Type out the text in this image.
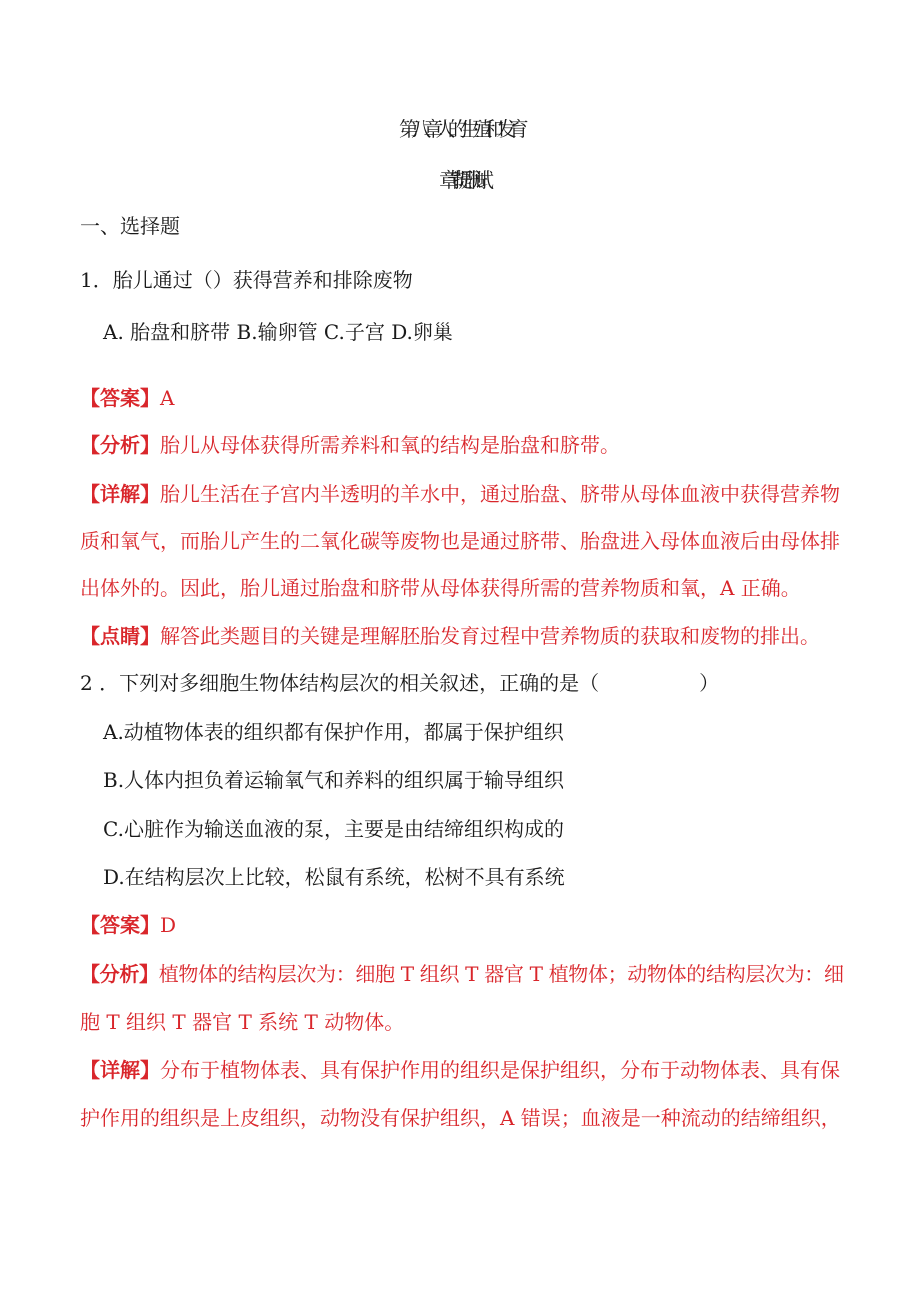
第八章人的生殖和发育
章节提升测试
一、选择题
1．胎儿通过（）获得营养和排除废物
A. 胎盘和脐带 B.输卵管 C.子宫 D.卵巢
【答案】A
【分析】胎儿从母体获得所需养料和氧的结构是胎盘和脐带。
【详解】胎儿生活在子宫内半透明的羊水中，通过胎盘、脐带从母体血液中获得营养物
质和氧气，而胎儿产生的二氧化碳等废物也是通过脐带、胎盘进入母体血液后由母体排
出体外的。因此，胎儿通过胎盘和脐带从母体获得所需的营养物质和氧，A 正确。
【点睛】解答此类题目的关键是理解胚胎发育过程中营养物质的获取和废物的排出。
2 ．下列对多细胞生物体结构层次的相关叙述，正确的是（　　　　　）
A.动植物体表的组织都有保护作用，都属于保护组织
B.人体内担负着运输氧气和养料的组织属于输导组织
C.心脏作为输送血液的泵，主要是由结缔组织构成的
D.在结构层次上比较，松鼠有系统，松树不具有系统
【答案】D
【分析】植物体的结构层次为：细胞 T 组织 T 器官 T 植物体；动物体的结构层次为：细
胞 T 组织 T 器官 T 系统 T 动物体。
【详解】分布于植物体表、具有保护作用的组织是保护组织，分布于动物体表、具有保
护作用的组织是上皮组织，动物没有保护组织，A 错误；血液是一种流动的结缔组织，
